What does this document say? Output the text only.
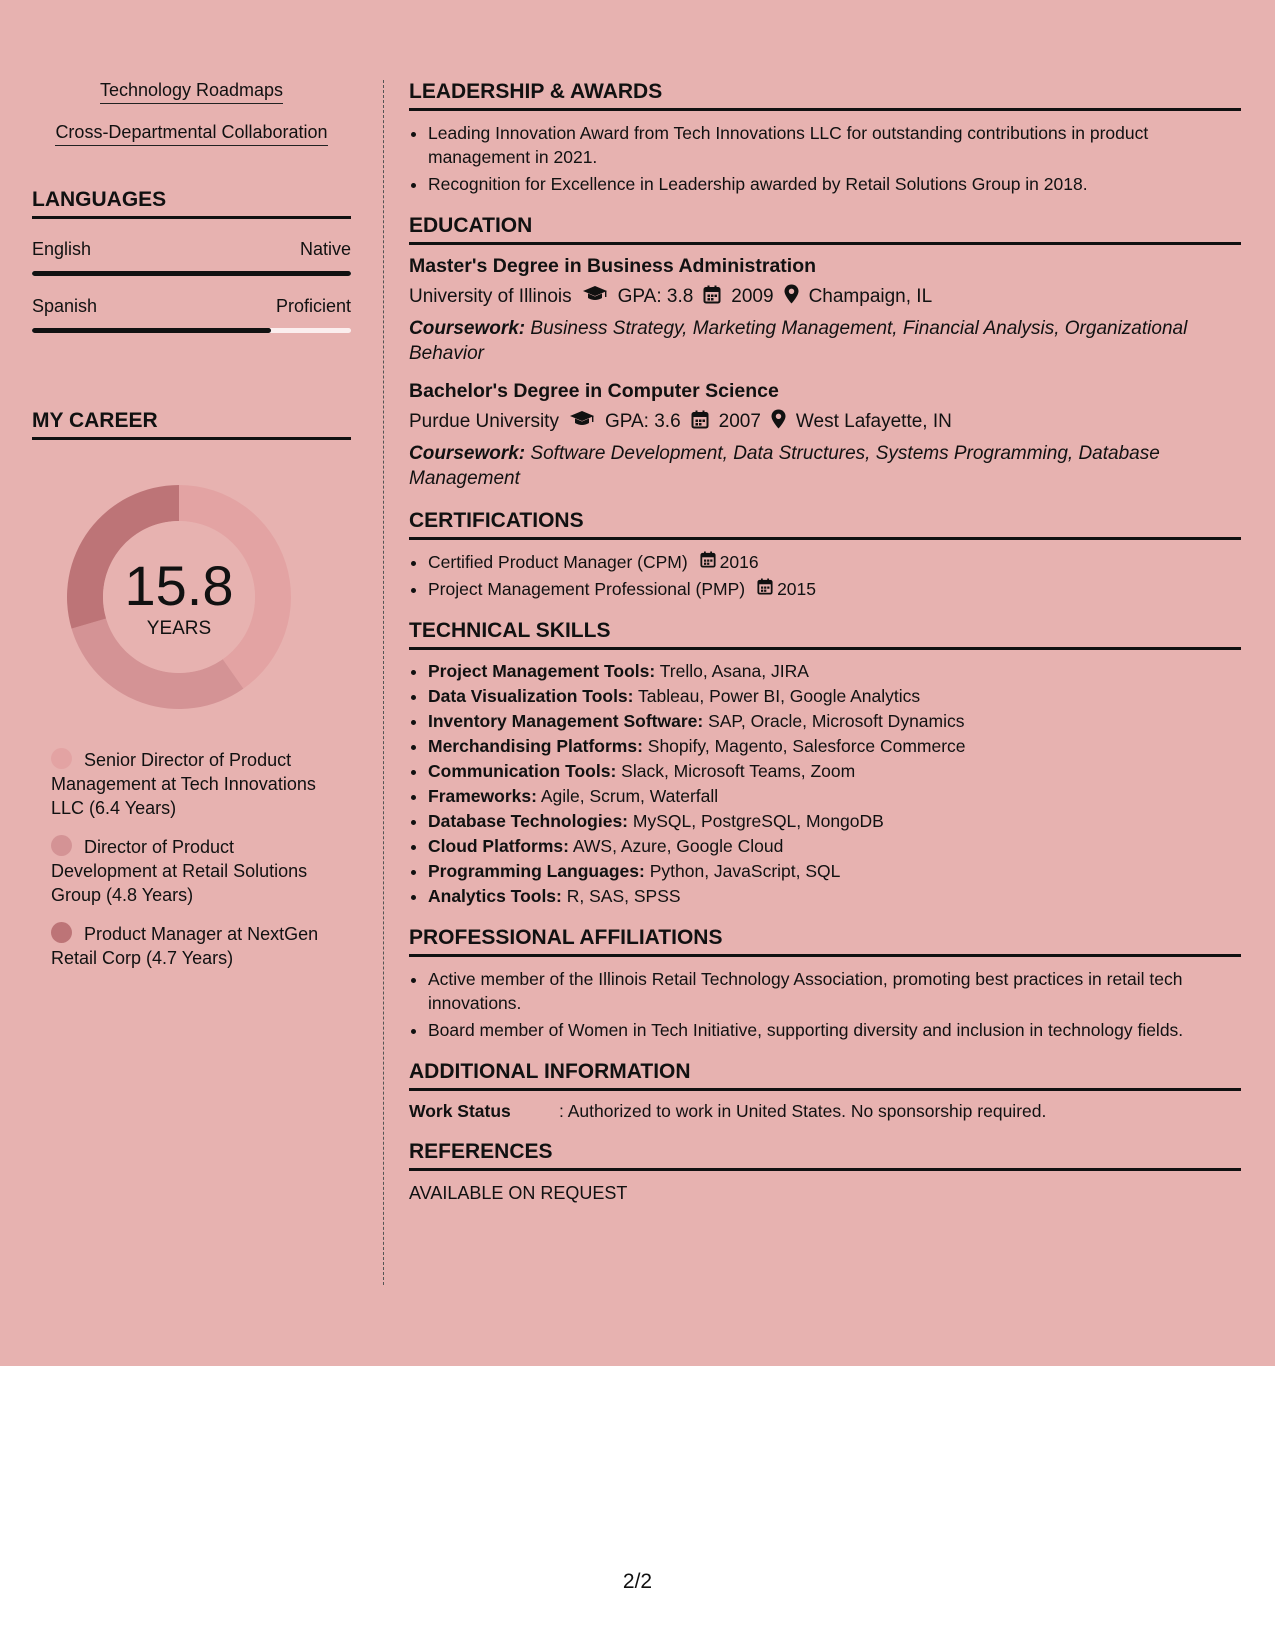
Technology Roadmaps
Cross-Departmental Collaboration
LANGUAGES
English	Native
Spanish	Proficient
MY CAREER
15.8
YEARS
Senior Director of Product Management at Tech Innovations LLC (6.4 Years)
Director of Product Development at Retail Solutions Group (4.8 Years)
Product Manager at NextGen Retail Corp (4.7 Years)
LEADERSHIP & AWARDS
• Leading Innovation Award from Tech Innovations LLC for outstanding contributions in product management in 2021.
• Recognition for Excellence in Leadership awarded by Retail Solutions Group in 2018.
EDUCATION
Master's Degree in Business Administration
University of Illinois GPA: 3.8 2009 Champaign, IL
Coursework: Business Strategy, Marketing Management, Financial Analysis, Organizational Behavior
Bachelor's Degree in Computer Science
Purdue University GPA: 3.6 2007 West Lafayette, IN
Coursework: Software Development, Data Structures, Systems Programming, Database Management
CERTIFICATIONS
• Certified Product Manager (CPM) 2016
• Project Management Professional (PMP) 2015
TECHNICAL SKILLS
• Project Management Tools: Trello, Asana, JIRA
• Data Visualization Tools: Tableau, Power BI, Google Analytics
• Inventory Management Software: SAP, Oracle, Microsoft Dynamics
• Merchandising Platforms: Shopify, Magento, Salesforce Commerce
• Communication Tools: Slack, Microsoft Teams, Zoom
• Frameworks: Agile, Scrum, Waterfall
• Database Technologies: MySQL, PostgreSQL, MongoDB
• Cloud Platforms: AWS, Azure, Google Cloud
• Programming Languages: Python, JavaScript, SQL
• Analytics Tools: R, SAS, SPSS
PROFESSIONAL AFFILIATIONS
• Active member of the Illinois Retail Technology Association, promoting best practices in retail tech innovations.
• Board member of Women in Tech Initiative, supporting diversity and inclusion in technology fields.
ADDITIONAL INFORMATION
Work Status	: Authorized to work in United States. No sponsorship required.
REFERENCES
AVAILABLE ON REQUEST
2/2
